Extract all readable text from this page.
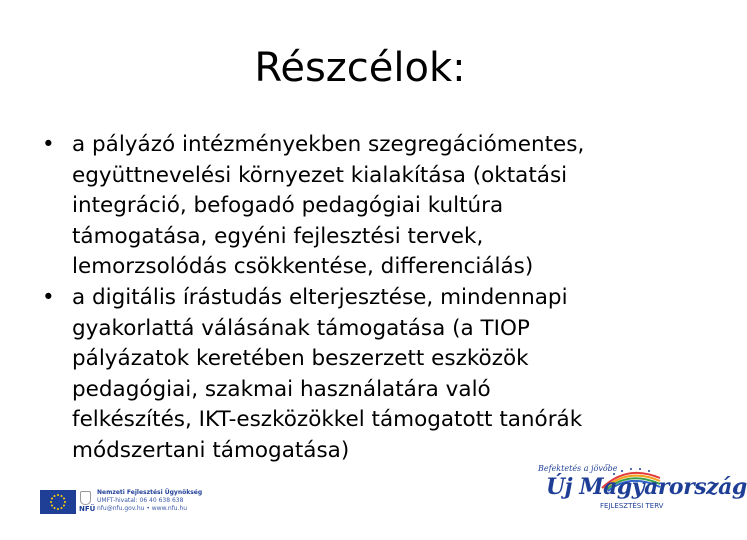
Részcélok:
• a pályázó intézményekben szegregációmentes,
együttnevelési környezet kialakítása (oktatási
integráció, befogadó pedagógiai kultúra
támogatása, egyéni fejlesztési tervek,
lemorzsolódás csökkentése, differenciálás)
• a digitális írástudás elterjesztése, mindennapi
gyakorlattá válásának támogatása (a TIOP
pályázatok keretében beszerzett eszközök
pedagógiai, szakmai használatára való
felkészítés, IKT-eszközökkel támogatott tanórák
módszertani támogatása)
NFÜ
Nemzeti Fejlesztési Ügynökség
UMFT-hivatal: 06 40 638 638
nfu@nfu.gov.hu • www.nfu.hu
Befektetés a jövőbe
Új Magyarország
FEJLESZTÉSI TERV
